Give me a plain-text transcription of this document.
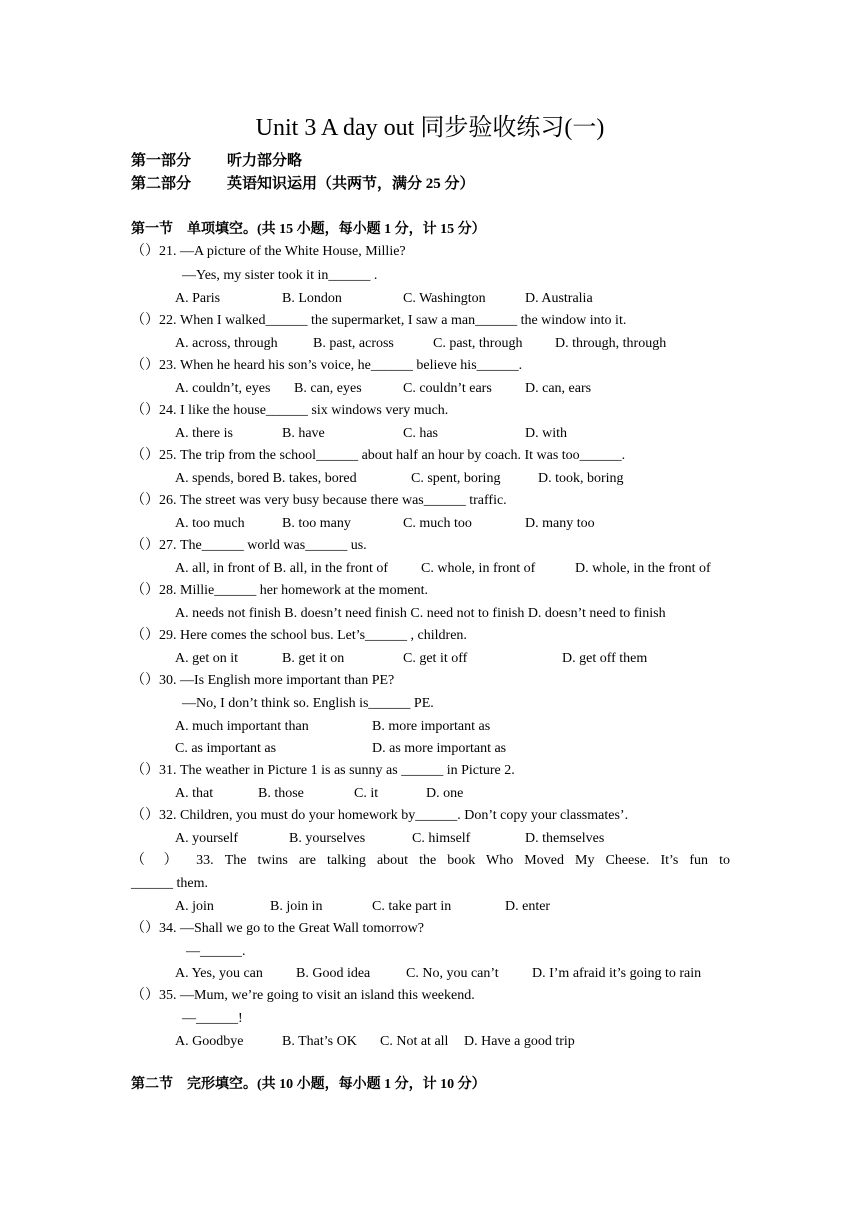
Unit 3 A day out 同步验收练习(一)
第一部分 听力部分略
第二部分 英语知识运用（共两节，满分 25 分）
第一节　单项填空。(共 15 小题，每小题 1 分，计 15 分）
（）21. —A picture of the White House, Millie?
—Yes, my sister took it in______ .
A. Paris	B. London	C. Washington	D. Australia
（）22. When I walked______ the supermarket, I saw a man______ the window into it.
A. across, through	B. past, across	C. past, through D. through, through
（）23. When he heard his son’s voice, he______ believe his______.
A. couldn’t, eyes B. can, eyes	C. couldn’t ears D. can, ears
（）24. I like the house______ six windows very much.
A. there is	B. have	C. has	D. with
（）25. The trip from the school______ about half an hour by coach. It was too______.
A. spends, bored B. takes, bored	C. spent, boring	D. took, boring
（）26. The street was very busy because there was______ traffic.
A. too much	B. too many	C. much too	D. many too
（）27. The______ world was______ us.
A. all, in front of B. all, in the front of C. whole, in front of	D. whole, in the front of
（）28. Millie______ her homework at the moment.
A. needs not finish B. doesn’t need finish C. need not to finish D. doesn’t need to finish
（）29. Here comes the school bus. Let’s______ , children.
A. get on it	B. get it on	C. get it off	D. get off them
（）30. —Is English more important than PE?
—No, I don’t think so. English is______ PE.
A. much important than	B. more important as
C. as important as	D. as more important as
（）31. The weather in Picture 1 is as sunny as ______ in Picture 2.
A. that	B. those	C. it	D. one
（）32. Children, you must do your homework by______. Don’t copy your classmates’.
A. yourself	B. yourselves	C. himself	D. themselves
（ ） 33. The twins are talking about the book Who Moved My Cheese. It’s fun to
______ them.
A. join	B. join in	C. take part in	D. enter
（）34. —Shall we go to the Great Wall tomorrow?
—______.
A. Yes, you can B. Good idea	C. No, you can’t D. I’m afraid it’s going to rain
（）35. —Mum, we’re going to visit an island this weekend.
—______!
A. Goodbye	B. That’s OK C. Not at all D. Have a good trip
第二节　完形填空。(共 10 小题，每小题 1 分，计 10 分）
